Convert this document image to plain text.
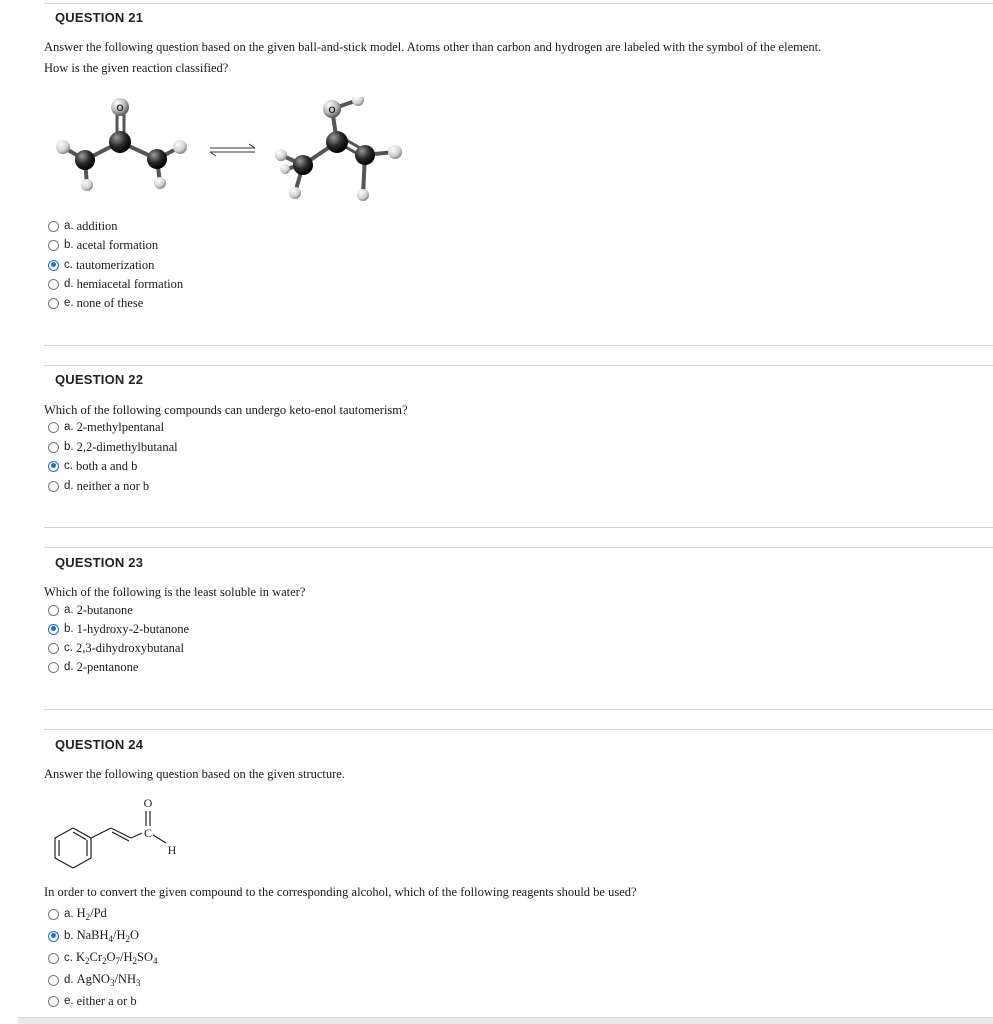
QUESTION 21
Answer the following question based on the given ball-and-stick model. Atoms other than carbon and hydrogen are labeled with the symbol of the element.
How is the given reaction classified?
O	O
a. addition
b. acetal formation
c. tautomerization
d. hemiacetal formation
e. none of these
QUESTION 22
Which of the following compounds can undergo keto-enol tautomerism?
a. 2-methylpentanal
b. 2,2-dimethylbutanal
c. both a and b
d. neither a nor b
QUESTION 23
Which of the following is the least soluble in water?
a. 2-butanone
b. 1-hydroxy-2-butanone
c. 2,3-dihydroxybutanal
d. 2-pentanone
QUESTION 24
Answer the following question based on the given structure.
O
C
H
In order to convert the given compound to the corresponding alcohol, which of the following reagents should be used?
a. $H_2/Pd$
b. $NaBH_4/H_2O$
c. $K_2Cr_2O_7/H_2SO_4$
d. $AgNO_3/NH_3$
e. either a or b
